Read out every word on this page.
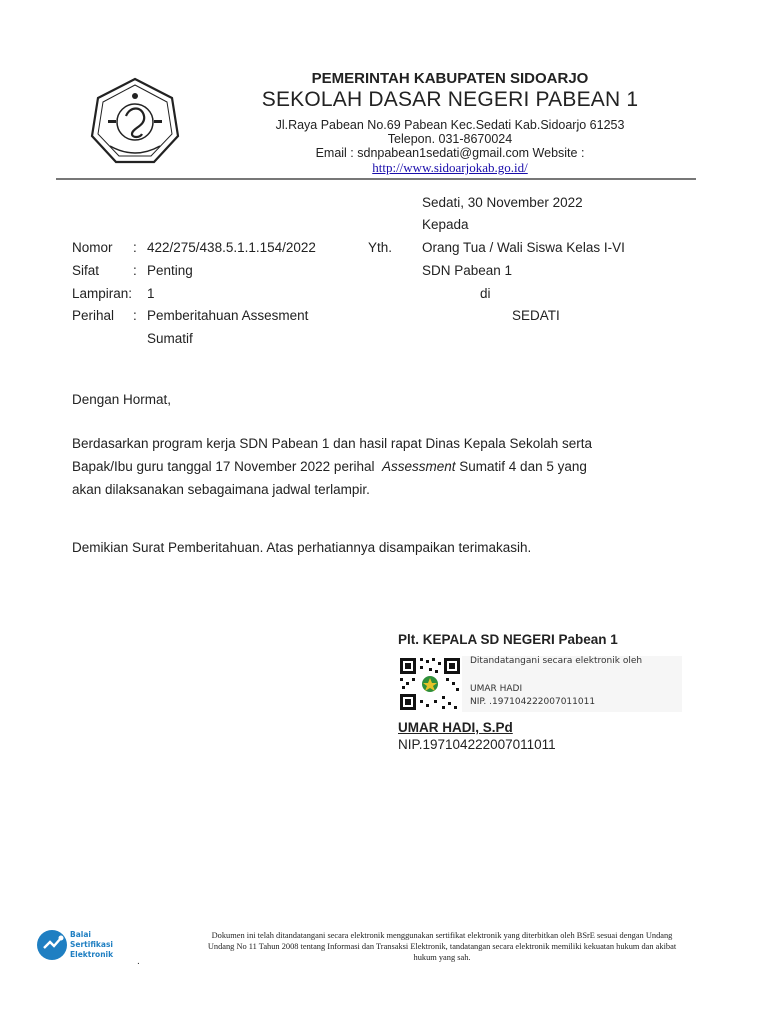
PEMERINTAH KABUPATEN SIDOARJO
SEKOLAH DASAR NEGERI PABEAN 1
Jl.Raya Pabean No.69 Pabean Kec.Sedati Kab.Sidoarjo 61253
Telepon. 031-8670024
Email : sdnpabean1sedati@gmail.com Website :
http://www.sidoarjokab.go.id/
Sedati, 30 November 2022
Kepada
Nomor : 422/275/438.5.1.1.154/2022	Yth. Orang Tua / Wali Siswa Kelas I-VI
Sifat	: Penting	SDN Pabean 1
Lampiran: 1	di
Perihal : Pemberitahuan Assesment
Sumatif
SEDATI
Dengan Hormat,
Berdasarkan program kerja SDN Pabean 1 dan hasil rapat Dinas Kepala Sekolah serta
Bapak/Ibu guru tanggal 17 November 2022 perihal Assessment Sumatif 4 dan 5 yang
akan dilaksanakan sebagaimana jadwal terlampir.
Demikian Surat Pemberitahuan. Atas perhatiannya disampaikan terimakasih.
Plt. KEPALA SD NEGERI Pabean 1
Ditandatangani secara elektronik oleh
UMAR HADI
NIP. .197104222007011011
UMAR HADI, S.Pd
NIP.197104222007011011
Balai
Sertifikasi
Elektronik
Dokumen ini telah ditandatangani secara elektronik menggunakan sertifikat elektronik yang diterbitkan oleh BSrE sesuai dengan Undang
Undang No 11 Tahun 2008 tentang Informasi dan Transaksi Elektronik, tandatangan secara elektronik memiliki kekuatan hukum dan akibat
hukum yang sah.
.
